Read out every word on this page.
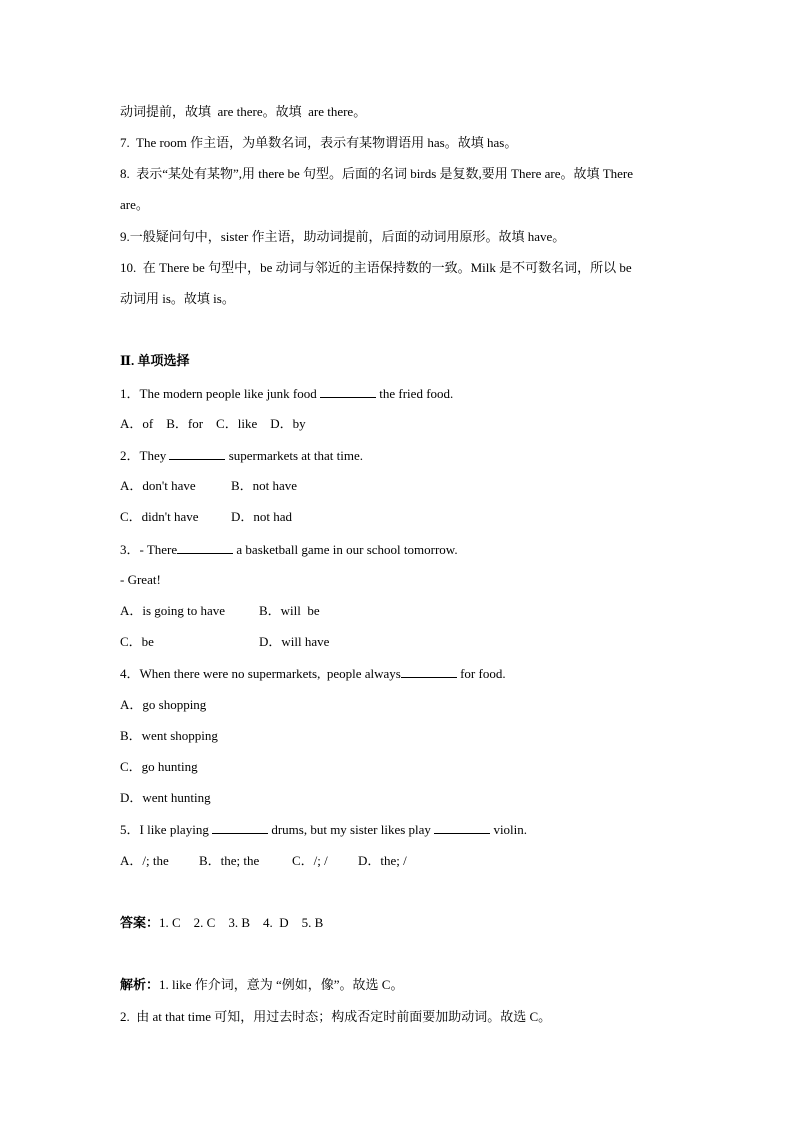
动词提前，故填  are there。故填  are there。
7.  The room 作主语，为单数名词，表示有某物谓语用 has。故填 has。
8.  表示“某处有某物”,用 there be 句型。后面的名词 birds 是复数,要用 There are。故填 There
are。
9.一般疑问句中，sister 作主语，助动词提前，后面的动词用原形。故填 have。
10.  在 There be 句型中，be 动词与邻近的主语保持数的一致。Milk 是不可数名词，所以 be
动词用 is。故填 is。
Ⅱ. 单项选择
1．The modern people like junk food	the fried food.
A．of    B．for    C．like    D．by
2．They	supermarkets at that time.
A．don't have	B．not have
C．didn't have D．not had
3．- There	a basketball game in our school tomorrow.
- Great!
A．is going to have	B．will  be
C．be	D．will have
4．When there were no supermarkets,  people always	for food.
A．go shopping
B．went shopping
C．go hunting
D．went hunting
5．I like playing	drums, but my sister likes play	violin.
A．/; the B．the; the	C．/; / D．the; /
答案：1. C    2. C    3. B    4.  D    5. B
解析：1. like 作介词，意为 “例如，像”。故选 C。
2.  由 at that time 可知，用过去时态；构成否定时前面要加助动词。故选 C。
